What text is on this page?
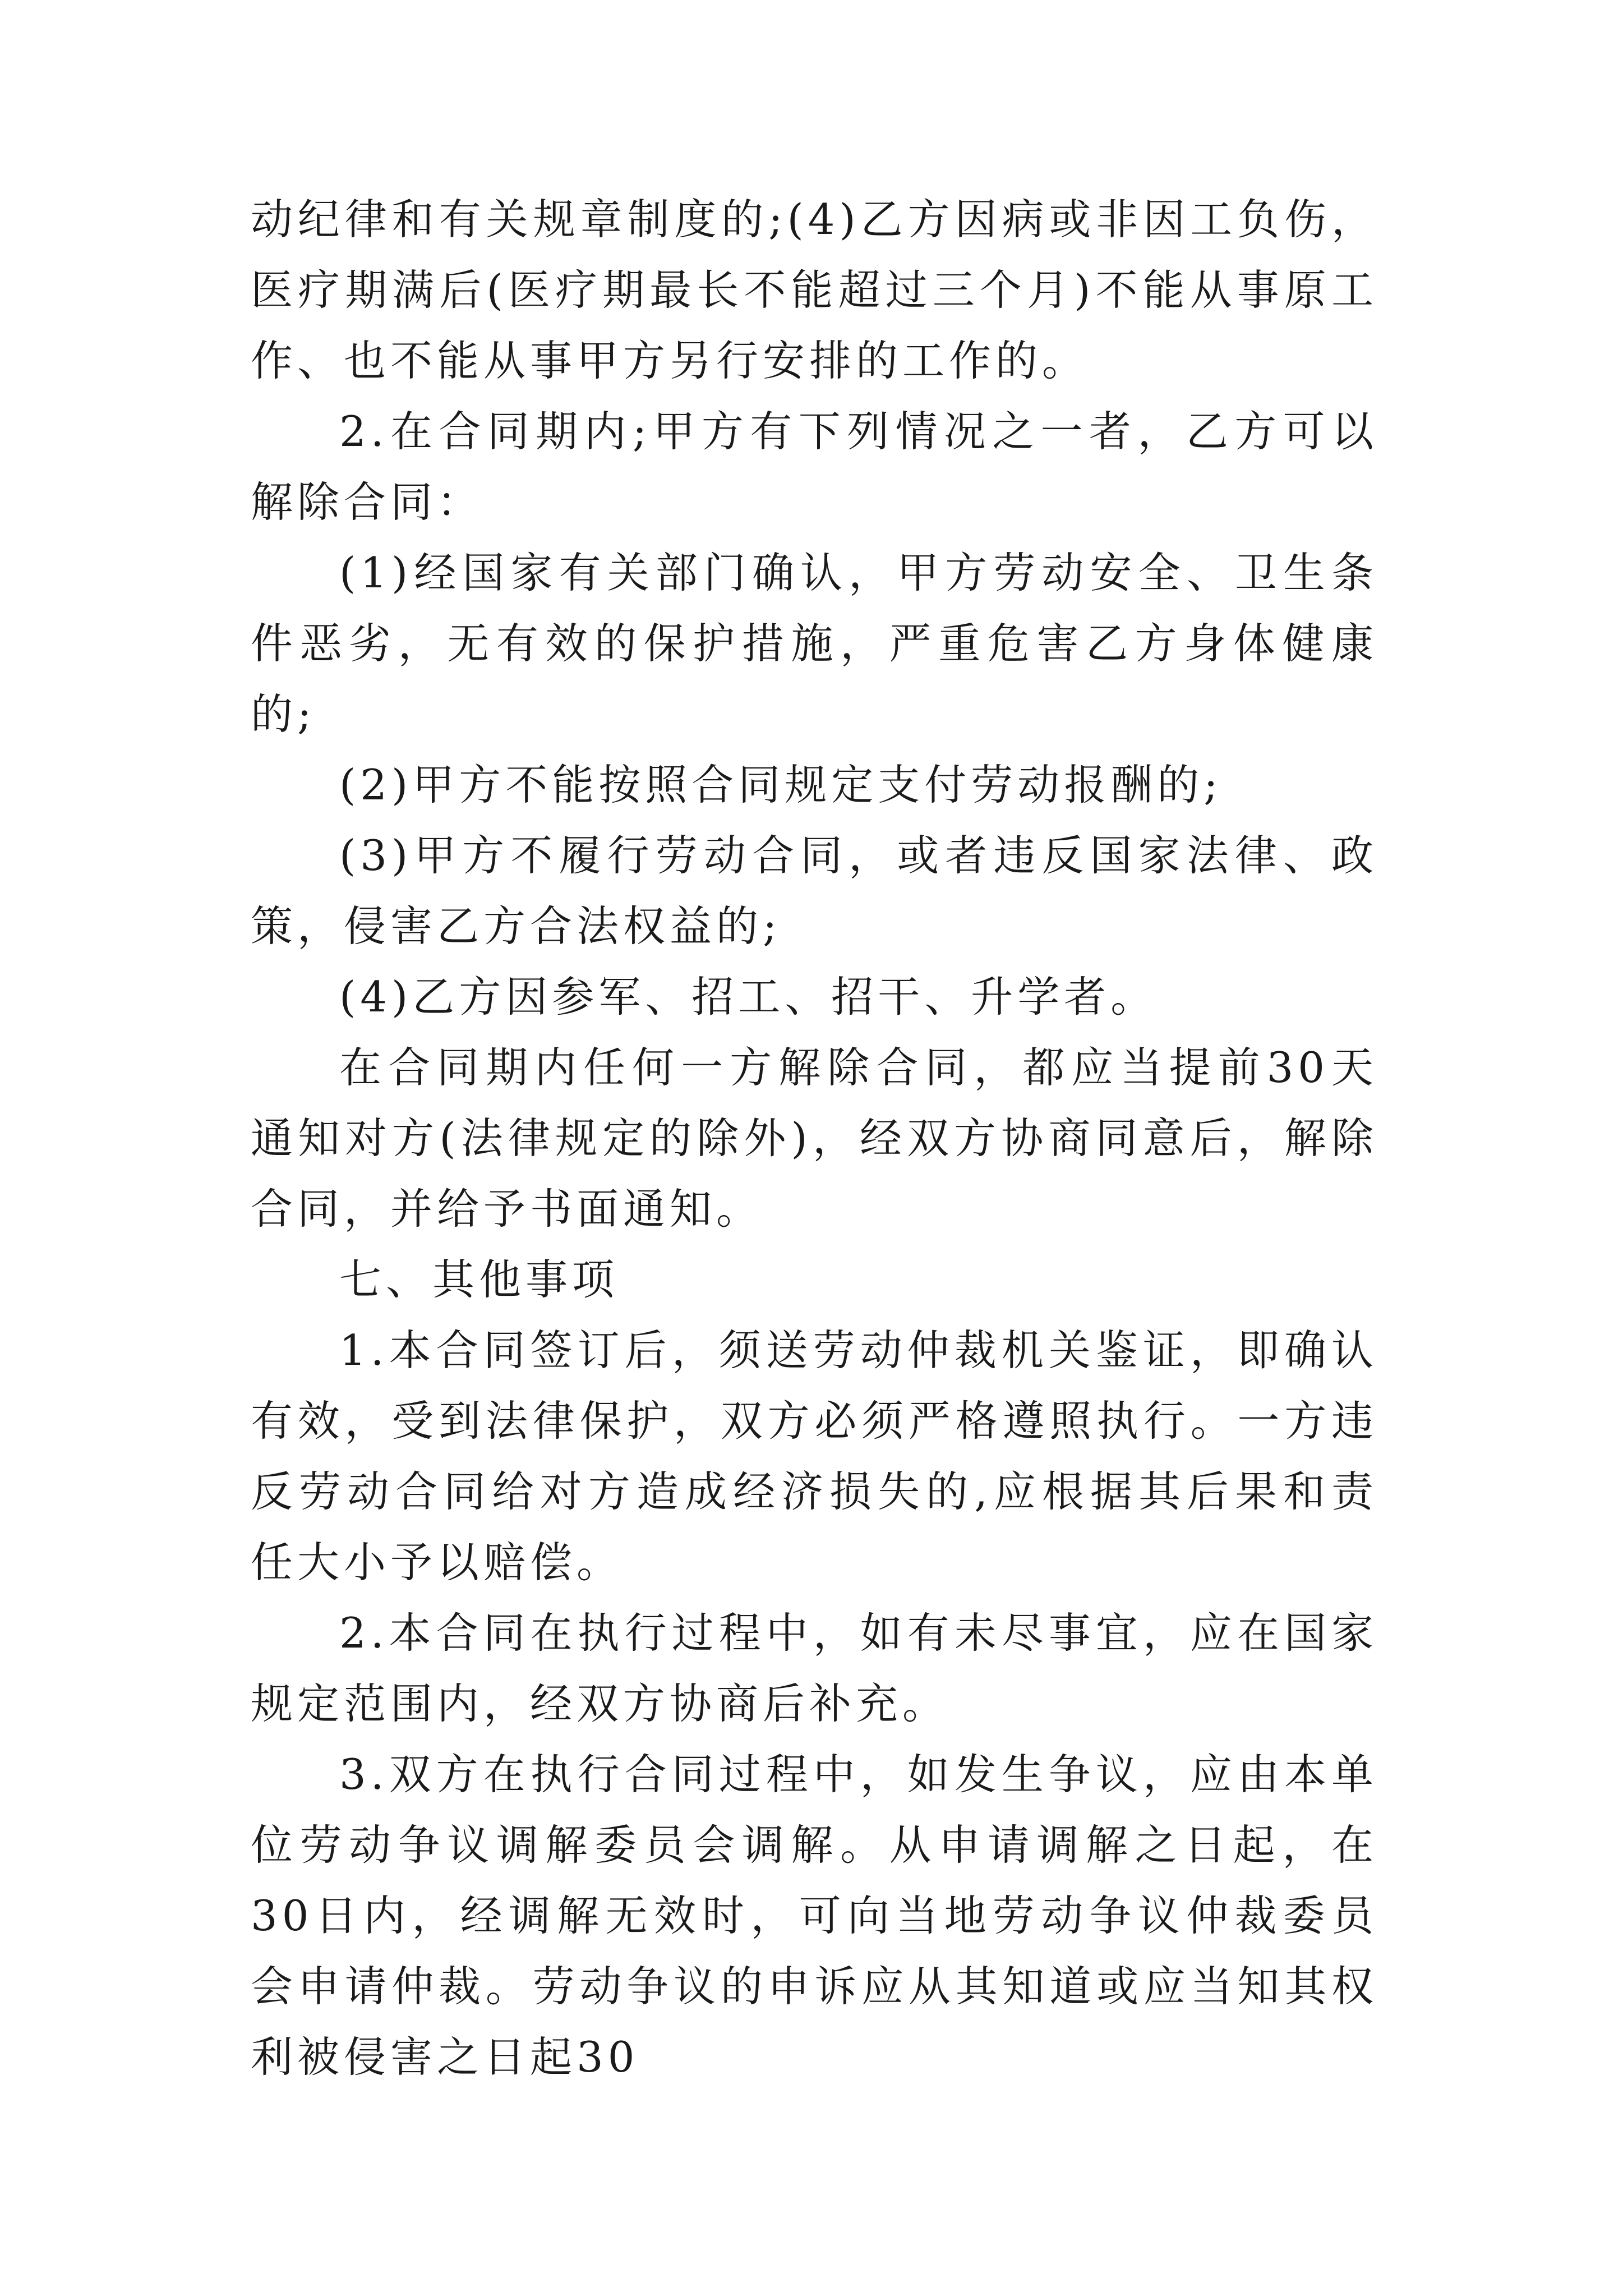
动纪律和有关规章制度的;(4)乙方因病或非因工负伤，医疗期满后(医疗期最长不能超过三个月)不能从事原工作、也不能从事甲方另行安排的工作的。

2.在合同期内;甲方有下列情况之一者，乙方可以解除合同：

(1)经国家有关部门确认，甲方劳动安全、卫生条件恶劣，无有效的保护措施，严重危害乙方身体健康的;

(2)甲方不能按照合同规定支付劳动报酬的;

(3)甲方不履行劳动合同，或者违反国家法律、政策，侵害乙方合法权益的;

(4)乙方因参军、招工、招干、升学者。

在合同期内任何一方解除合同，都应当提前30天通知对方(法律规定的除外)，经双方协商同意后，解除合同，并给予书面通知。

七、其他事项

1.本合同签订后，须送劳动仲裁机关鉴证，即确认有效，受到法律保护，双方必须严格遵照执行。一方违反劳动合同给对方造成经济损失的,应根据其后果和责任大小予以赔偿。

2.本合同在执行过程中，如有未尽事宜，应在国家规定范围内，经双方协商后补充。

3.双方在执行合同过程中，如发生争议，应由本单位劳动争议调解委员会调解。从申请调解之日起，在30日内，经调解无效时，可向当地劳动争议仲裁委员会申请仲裁。劳动争议的申诉应从其知道或应当知其权利被侵害之日起30
